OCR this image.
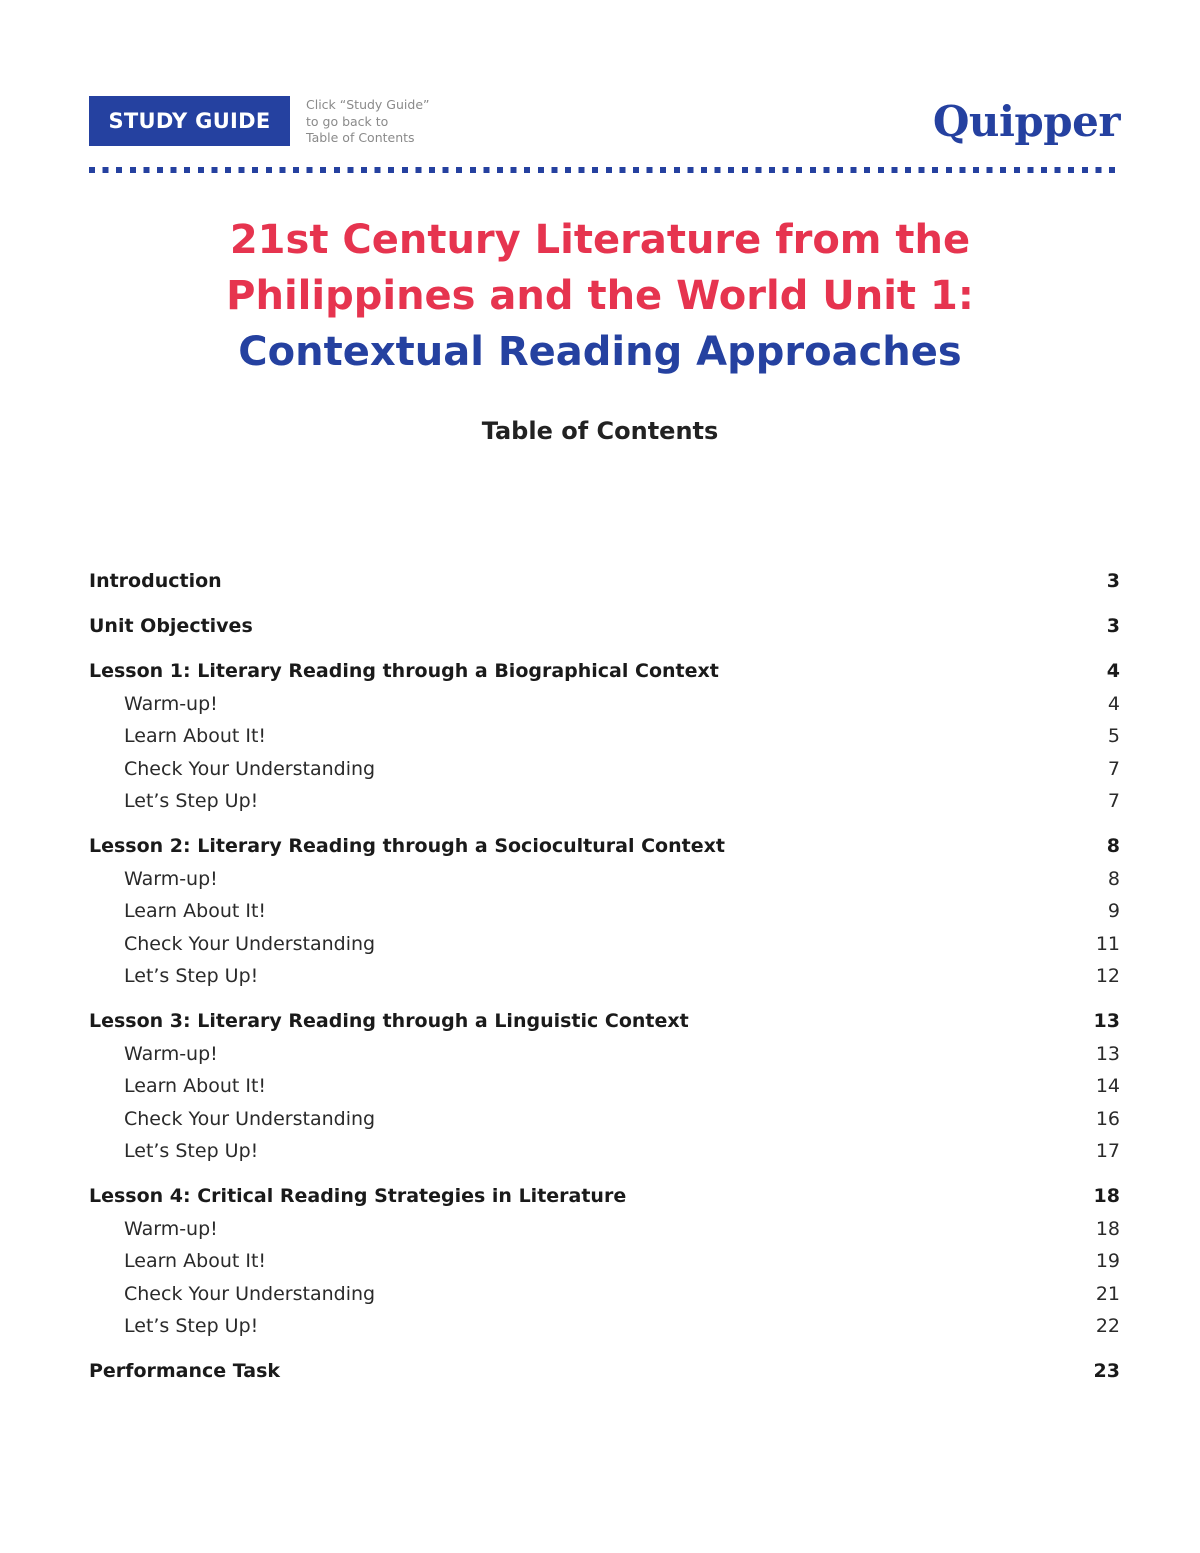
STUDY GUIDE
Click “Study Guide”
to go back to
Table of Contents	Quipper
21st Century Literature from the
Philippines and the World Unit 1:
Contextual Reading Approaches
Table of Contents
Introduction	3
Unit Objectives	3
Lesson 1: Literary Reading through a Biographical Context	4
Warm-up!	4
Learn About It!	5
Check Your Understanding	7
Let’s Step Up!	7
Lesson 2: Literary Reading through a Sociocultural Context	8
Warm-up!	8
Learn About It!	9
Check Your Understanding	11
Let’s Step Up!	12
Lesson 3: Literary Reading through a Linguistic Context	13
Warm-up!	13
Learn About It!	14
Check Your Understanding	16
Let’s Step Up!	17
Lesson 4: Critical Reading Strategies in Literature	18
Warm-up!	18
Learn About It!	19
Check Your Understanding	21
Let’s Step Up!	22
Performance Task	23
